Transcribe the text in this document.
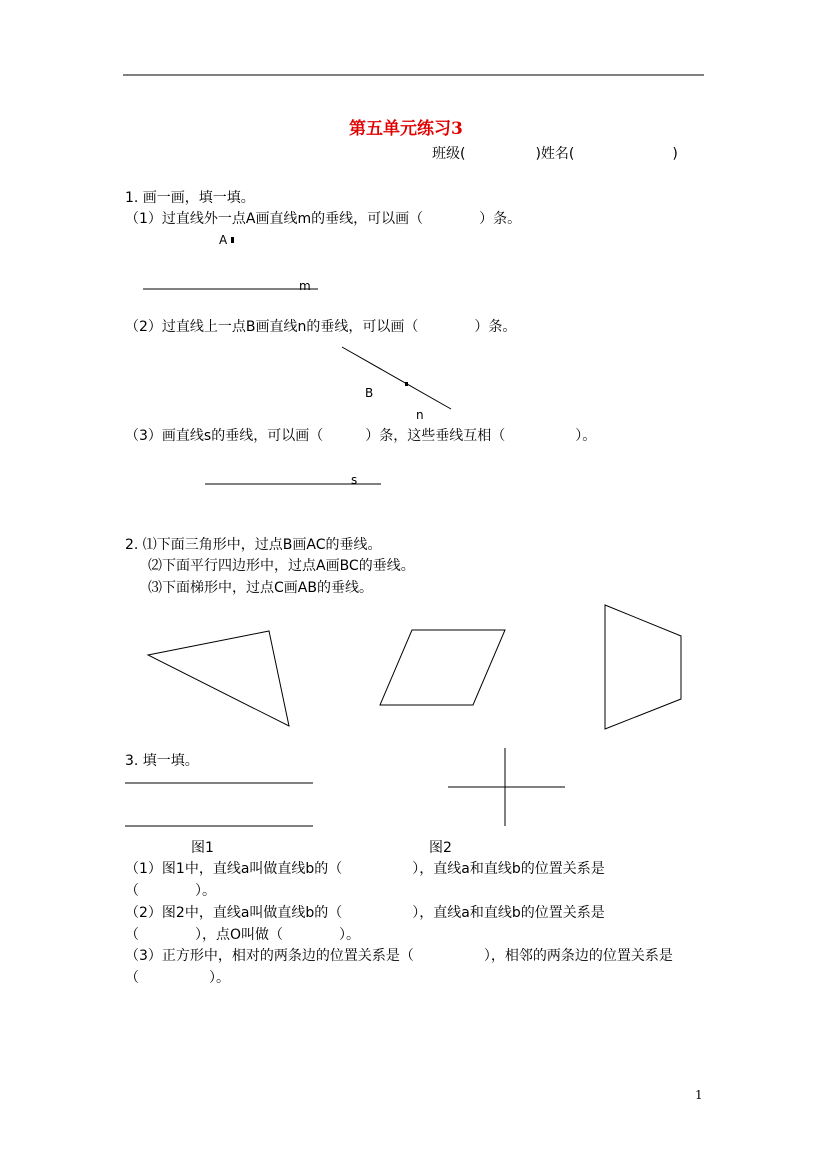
第五单元练习3
班级(　　　　　)姓名(　　　　　　　)
1. 画一画，填一填。
（1）过直线外一点A画直线m的垂线，可以画（　　　　）条。
A
m
（2）过直线上一点B画直线n的垂线，可以画（　　　　）条。
B
n
（3）画直线s的垂线，可以画（　　　）条，这些垂线互相（　　　　　）。
s
2. ⑴下面三角形中，过点B画AC的垂线。
⑵下面平行四边形中，过点A画BC的垂线。
⑶下面梯形中，过点C画AB的垂线。
3. 填一填。
图1	图2
（1）图1中，直线a叫做直线b的（　　　　　），直线a和直线b的位置关系是
（　　　　）。
（2）图2中，直线a叫做直线b的（　　　　　），直线a和直线b的位置关系是
（　　　　），点O叫做（　　　　）。
（3）正方形中，相对的两条边的位置关系是（　　　　　），相邻的两条边的位置关系是
（　　　　　）。
1
